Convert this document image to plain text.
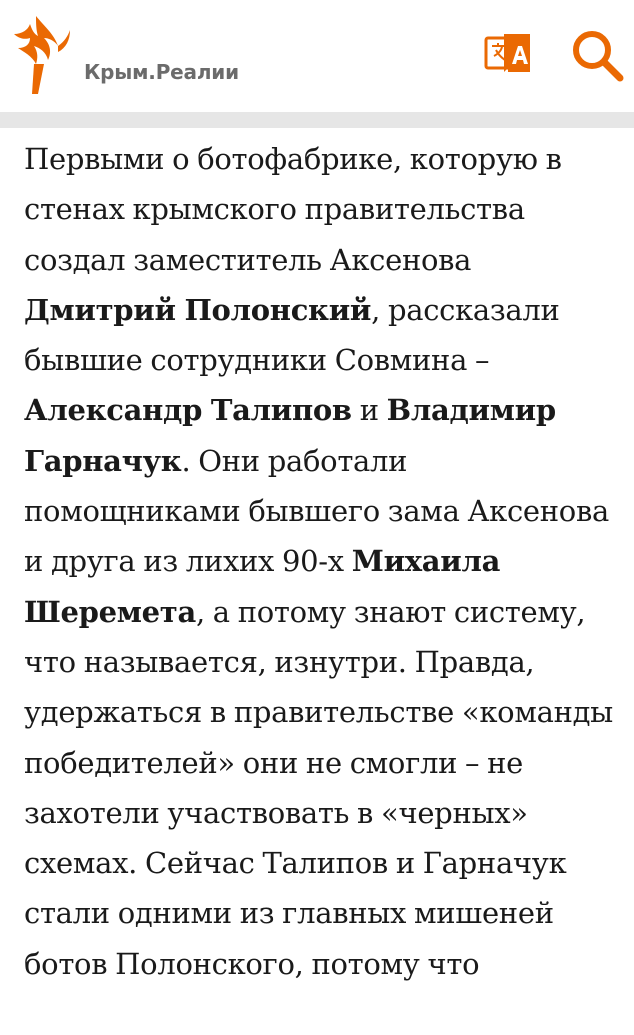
Крым.Реалии

Первыми о ботофабрике, которую в стенах крымского правительства создал заместитель Аксенова Дмитрий Полонский, рассказали бывшие сотрудники Совмина – Александр Талипов и Владимир Гарначук. Они работали помощниками бывшего зама Аксенова и друга из лихих 90-х Михаила Шеремета, а потому знают систему, что называется, изнутри. Правда, удержаться в правительстве «команды победителей» они не смогли – не захотели участвовать в «черных» схемах. Сейчас Талипов и Гарначук стали одними из главных мишеней ботов Полонского, потому что
